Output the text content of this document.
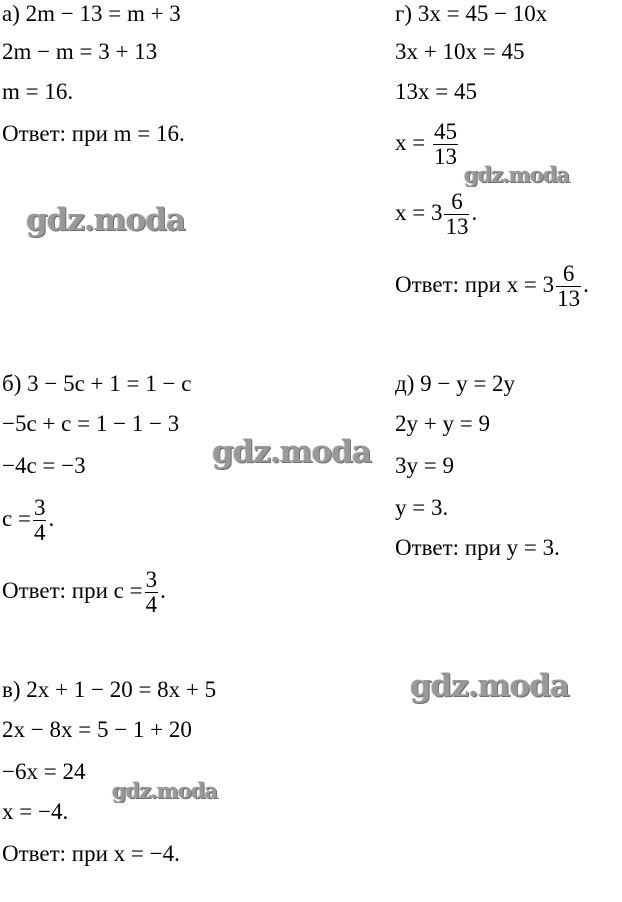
а) 2m − 13 = m + 3
2m − m = 3 + 13
m = 16.
Ответ: при m = 16.
г) 3x = 45 − 10x
3x + 10x = 45
13x = 45
$x = \frac{45}{13}$
$x = 3 \frac{6}{13}$ .
Ответ: при $x = 3 \frac{6}{13}$ .
б) 3 − 5c + 1 = 1 − c
−5c + c = 1 − 1 − 3
−4c = −3
$c = \frac{3}{4}$ .
Ответ: при $c = \frac{3}{4}$ .
д) 9 − y = 2y
2y + y = 9
3y = 9
y = 3.
Ответ: при y = 3.
в) 2x + 1 − 20 = 8x + 5
2x − 8x = 5 − 1 + 20
−6x = 24
x = −4.
Ответ: при x = −4.
gdz.moda
gdz.moda
gdz.moda
gdz.moda
gdz.moda
